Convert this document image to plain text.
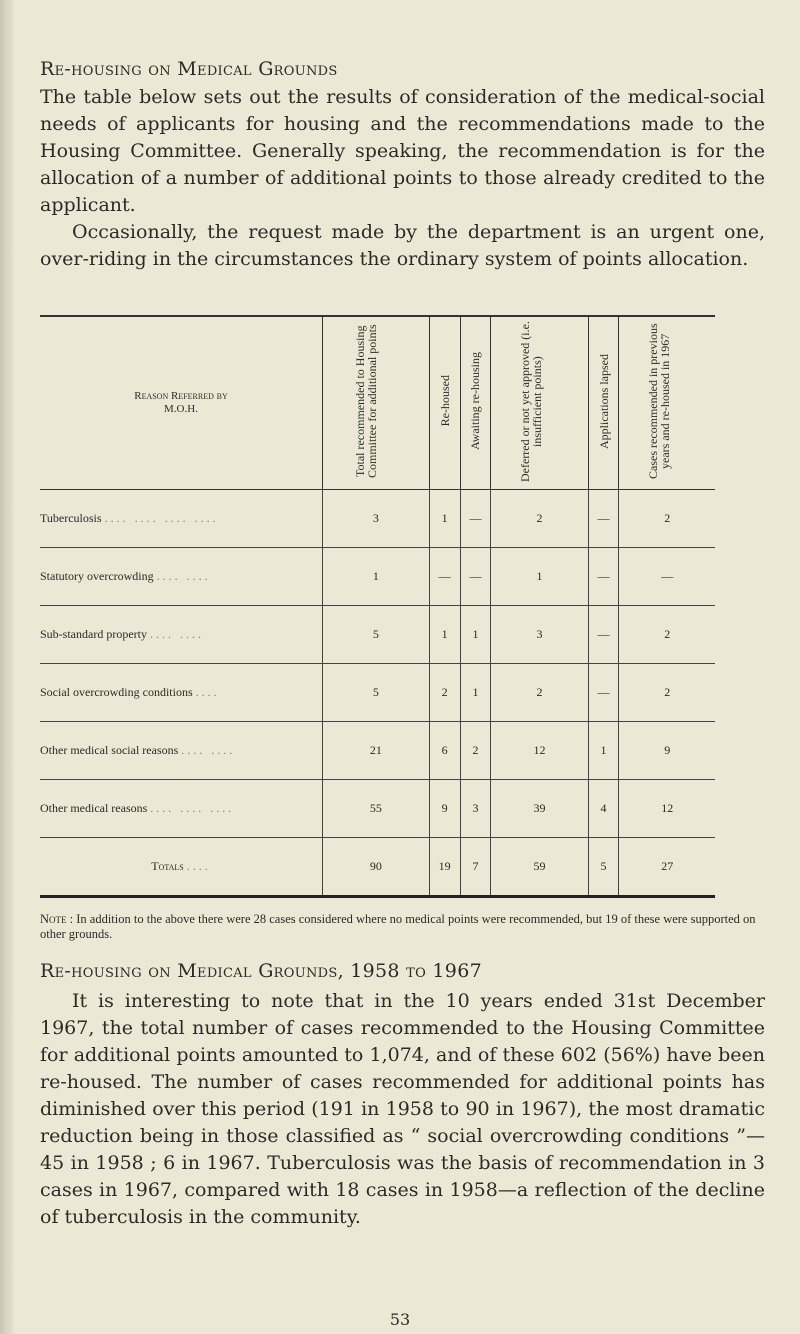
Re-housing on Medical Grounds

The table below sets out the results of consideration of the medical-social needs of applicants for housing and the recommendations made to the Housing Committee. Generally speaking, the recommendation is for the allocation of a number of additional points to those already credited to the applicant.

Occasionally, the request made by the department is an urgent one, over-riding in the circumstances the ordinary system of points allocation.

Reason Referred by M.O.H.	Total recommended to Housing Committee for additional points	Re-housed	Awaiting re-housing	Deferred or not yet approved (i.e. insufficient points)	Applications lapsed	Cases recommended in previous years and re-housed in 1967
Tuberculosis .... .... .... ....	3	1	—	2	—	2
Statutory overcrowding .... ....	1	—	—	1	—	—
Sub-standard property .... ....	5	1	1	3	—	2
Social overcrowding conditions ....	5	2	1	2	—	2
Other medical social reasons .... ....	21	6	2	12	1	9
Other medical reasons .... .... ....	55	9	3	39	4	12
Totals ....	90	19	7	59	5	27
Note : In addition to the above there were 28 cases considered where no medical points were recommended, but 19 of these were supported on other grounds.
Re-housing on Medical Grounds, 1958 to 1967

It is interesting to note that in the 10 years ended 31st December 1967, the total number of cases recommended to the Housing Committee for additional points amounted to 1,074, and of these 602 (56%) have been re-housed. The number of cases recommended for additional points has diminished over this period (191 in 1958 to 90 in 1967), the most dramatic reduction being in those classified as “ social overcrowding conditions ”— 45 in 1958 ; 6 in 1967. Tuberculosis was the basis of recommendation in 3 cases in 1967, compared with 18 cases in 1958—a reflection of the decline of tuberculosis in the community.

53
